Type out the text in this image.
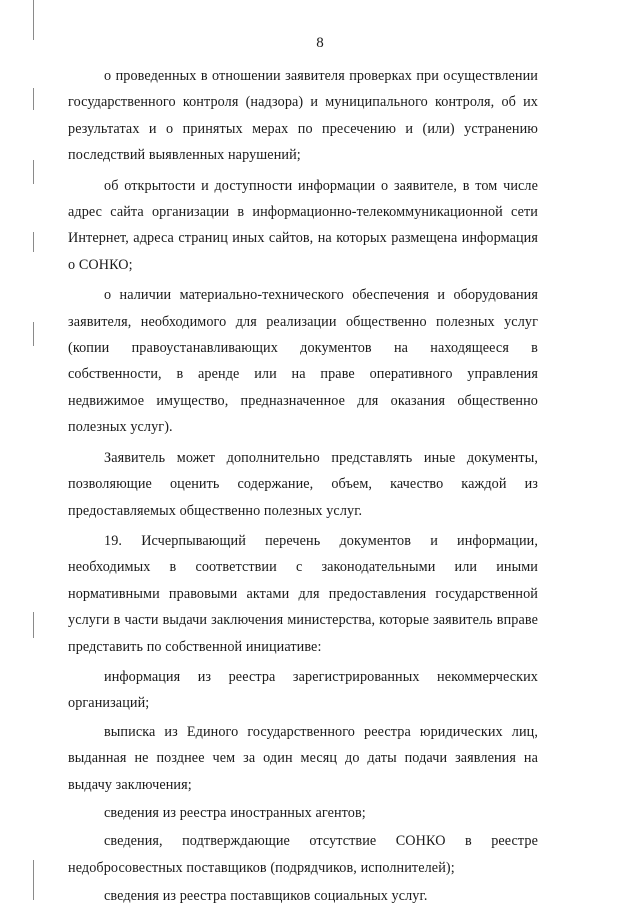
8

о проведенных в отношении заявителя проверках при осуществлении государственного контроля (надзора) и муниципального контроля, об их результатах и о принятых мерах по пресечению и (или) устранению последствий выявленных нарушений;

об открытости и доступности информации о заявителе, в том числе адрес сайта организации в информационно-телекоммуникационной сети Интернет, адреса страниц иных сайтов, на которых размещена информация о СОНКО;

о наличии материально-технического обеспечения и оборудования заявителя, необходимого для реализации общественно полезных услуг (копии правоустанавливающих документов на находящееся в собственности, в аренде или на праве оперативного управления недвижимое имущество, предназначенное для оказания общественно полезных услуг).

Заявитель может дополнительно представлять иные документы, позволяющие оценить содержание, объем, качество каждой из предоставляемых общественно полезных услуг.

19. Исчерпывающий перечень документов и информации, необходимых в соответствии с законодательными или иными нормативными правовыми актами для предоставления государственной услуги в части выдачи заключения министерства, которые заявитель вправе представить по собственной инициативе:

информация из реестра зарегистрированных некоммерческих организаций;

выписка из Единого государственного реестра юридических лиц, выданная не позднее чем за один месяц до даты подачи заявления на выдачу заключения;

сведения из реестра иностранных агентов;

сведения, подтверждающие отсутствие СОНКО в реестре недобросовестных поставщиков (подрядчиков, исполнителей);

сведения из реестра поставщиков социальных услуг.
